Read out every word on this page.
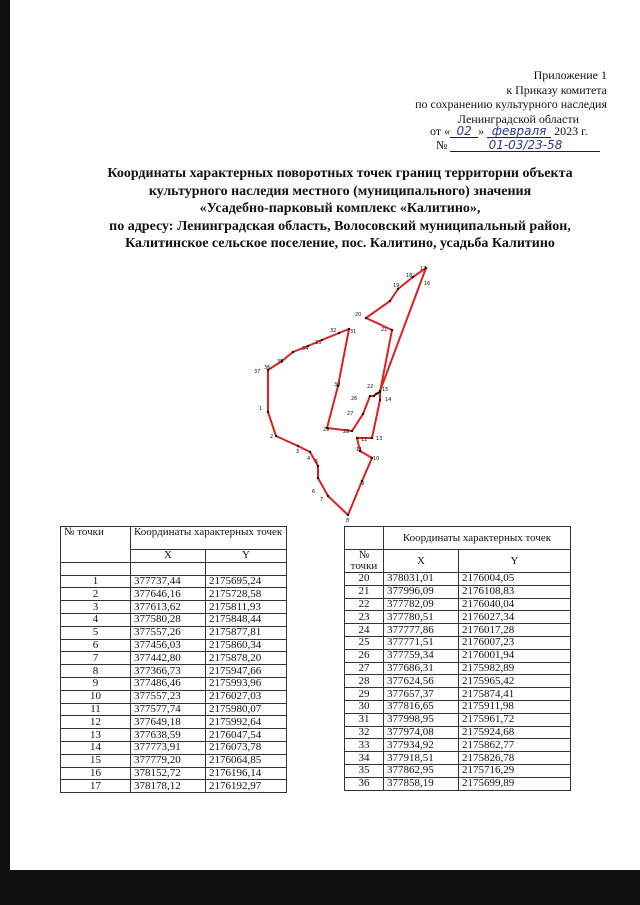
Приложение 1
к Приказу комитета
по сохранению культурного наследия
Ленинградской области
от « 02 » февраля 2023 г.
№	01-03/23-58
Координаты характерных поворотных точек границ территории объекта
культурного наследия местного (муниципального) значения
«Усадебно-парковый комплекс «Калитино»,
по адресу: Ленинградская область, Волосовский муниципальный район,
Калитинское сельское поселение, пос. Калитино, усадьба Калитино
1
2
3
4 5
6
7
8
9
10
11
12 13
14
15
16
17
18
19
20
21
22
26
27
28
29
30
31
32
33
34
35
36
37
№ точки	Координаты характерных точек	
	X	Y

1	377737,44	2175695,24
2	377646,16	2175728,58
3	377613,62	2175811,93
4	377580,28	2175848,44
5	377557,26	2175877,81
6	377456,03	2175860,34
7	377442,80	2175878,20
8	377366,73	2175947,66
9	377486,46	2175993,96
10	377557,23	2176027,03
11	377577,74	2175980,07
12	377649,18	2175992,64
13	377638,59	2176047,54
14	377773,91	2176073,78
15	377779,20	2176064,85
16	378152,72	2176196,14
17	378178,12	2176192,97
	Координаты характерных точек	
№ точки	X	Y
20	378031,01	2176004,05
21	377996,09	2176108,83
22	377782,09	2176040,04
23	377780,51	2176027,34
24	377777,86	2176017,28
25	377771,51	2176007,23
26	377759,34	2176001,94
27	377686,31	2175982,89
28	377624,56	2175965,42
29	377657,37	2175874,41
30	377816,65	2175911,98
31	377998,95	2175961,72
32	377974,08	2175924,68
33	377934,92	2175862,77
34	377918,51	2175826,78
35	377862,95	2175716,29
36	377858,19	2175699,89
